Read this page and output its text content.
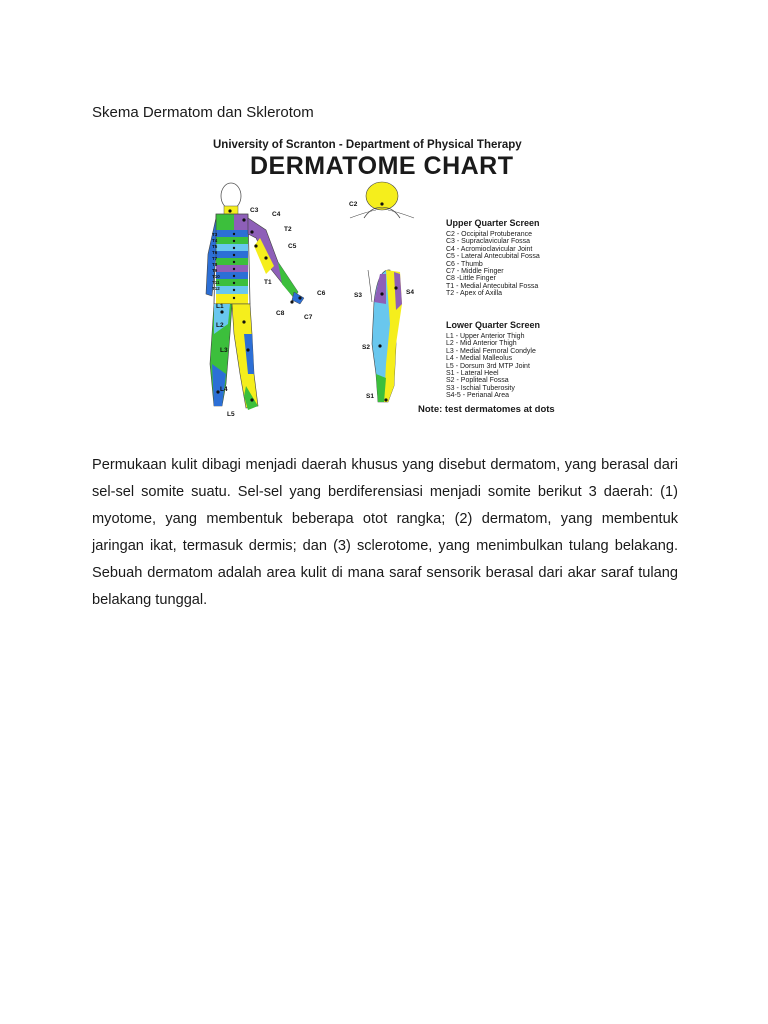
Skema Dermatom dan Sklerotom
University of Scranton - Department of Physical Therapy
DERMATOME CHART
C3
C4
T2
C5
T1
C6
C8
C7
L1
L2
L3
L4
L5
T3
T4
T5
T6
T7
T8
T9
T10
T11
T12
C2
S3	S4
S2
S1
Upper Quarter Screen
C2 - Occipital Protuberance
C3 - Supraclavicular Fossa
C4 - Acromioclavicular Joint
C5 - Lateral Antecubital Fossa
C6 - Thumb
C7 - Middle Finger
C8 -Little Finger
T1 - Medial Antecubital Fossa
T2 - Apex of Axilla
Lower Quarter Screen
L1 - Upper Anterior Thigh
L2 - Mid Anterior Thigh
L3 - Medial Femoral Condyle
L4 - Medial Malleolus
L5 - Dorsum 3rd MTP Joint
S1 - Lateral Heel
S2 - Popliteal Fossa
S3 - Ischial Tuberosity
S4-5 - Perianal Area
Note: test dermatomes at dots

Permukaan kulit dibagi menjadi daerah khusus yang disebut dermatom, yang berasal dari sel-sel somite suatu. Sel-sel yang berdiferensiasi menjadi somite berikut 3 daerah: (1) myotome, yang membentuk beberapa otot rangka; (2) dermatom, yang membentuk jaringan ikat, termasuk dermis; dan (3) sclerotome, yang menimbulkan tulang belakang. Sebuah dermatom adalah area kulit di mana saraf sensorik berasal dari akar saraf tulang belakang tunggal.
